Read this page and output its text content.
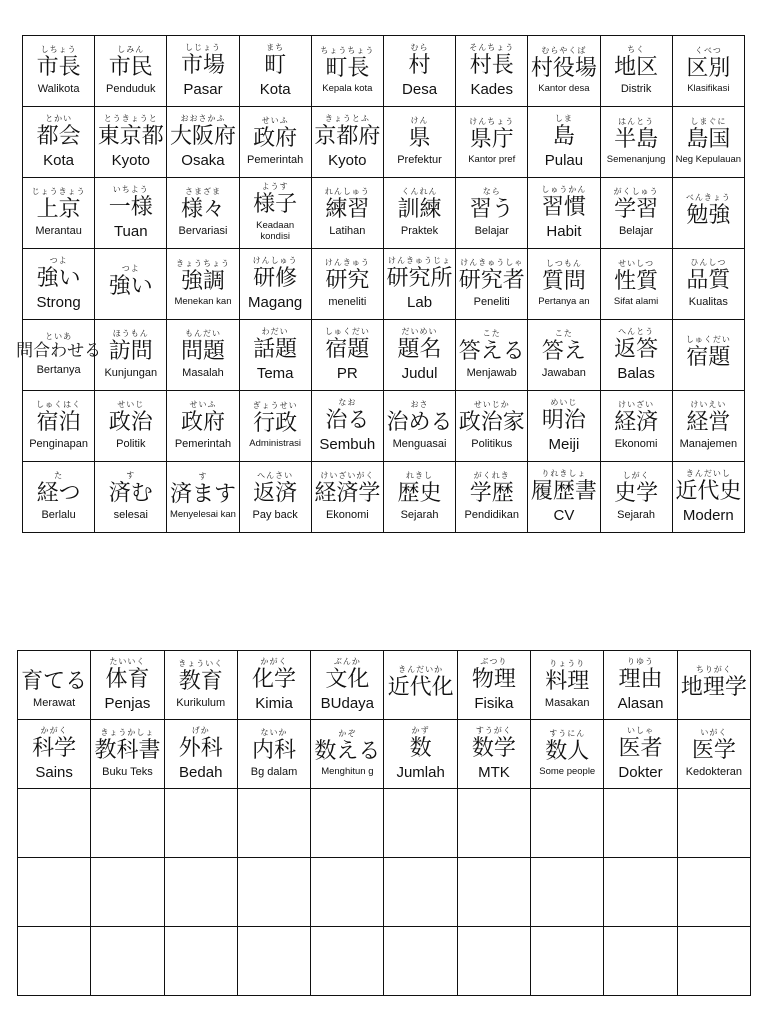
しちょう
市長
Walikota	しみん
市民
Penduduk	しじょう
市場
Pasar	まち
町
Kota	ちょうちょう
町長
Kepala kota	むら
村
Desa	そんちょう
村長
Kades	むらやくば
村役場
Kantor desa	ちく
地区
Distrik	くべつ
区別
Klasifikasi

とかい
都会
Kota	とうきょうと
東京都
Kyoto	おおさかふ
大阪府
Osaka	せいふ
政府
Pemerintah	きょうとふ
京都府
Kyoto	けん
県
Prefektur	けんちょう
県庁
Kantor pref	しま
島
Pulau	はんとう
半島
Semenanjung	しまぐに
島国
Neg Kepulauan

じょうきょう
上京
Merantau	いちよう
一様
Tuan	さまざま
様々
Bervariasi	ようす
様子
Keadaan kondisi	れんしゅう
練習
Latihan	くんれん
訓練
Praktek	なら
習う
Belajar	しゅうかん
習慣
Habit	がくしゅう
学習
Belajar	べんきょう
勉強

つよ
強い
Strong	つよ
強い	きょうちょう
強調
Menekan kan	けんしゅう
研修
Magang	けんきゅう
研究
meneliti	けんきゅうじょ
研究所
Lab	けんきゅうしゃ
研究者
Peneliti	しつもん
質問
Pertanya an	せいしつ
性質
Sifat alami	ひんしつ
品質
Kualitas

といあ
問合わせる
Bertanya	ほうもん
訪問
Kunjungan	もんだい
問題
Masalah	わだい
話題
Tema	しゅくだい
宿題
PR	だいめい
題名
Judul	こた
答える
Menjawab	こた
答え
Jawaban	へんとう
返答
Balas	しゅくだい
宿題

しゅくはく
宿泊
Penginapan	せいじ
政治
Politik	せいふ
政府
Pemerintah	ぎょうせい
行政
Administrasi	なお
治る
Sembuh	おさ
治める
Menguasai	せいじか
政治家
Politikus	めいじ
明治
Meiji	けいざい
経済
Ekonomi	けいえい
経営
Manajemen

た
経つ
Berlalu	す
済む
selesai	す
済ます
Menyelesai kan	へんさい
返済
Pay back	けいざいがく
経済学
Ekonomi	れきし
歴史
Sejarah	がくれき
学歴
Pendidikan	りれきしょ
履歴書
CV	しがく
史学
Sejarah	きんだいし
近代史
Modern
育てる
Merawat	たいいく
体育
Penjas	きょういく
教育
Kurikulum	かがく
化学
Kimia	ぶんか
文化
BUdaya	きんだいか
近代化	ぶつり
物理
Fisika	りょうり
料理
Masakan	りゆう
理由
Alasan	ちりがく
地理学

かがく
科学
Sains	きょうかしょ
教科書
Buku Teks	げか
外科
Bedah	ないか
内科
Bg dalam	かぞ
数える
Menghitun g	かず
数
Jumlah	すうがく
数学
MTK	すうにん
数人
Some people	いしゃ
医者
Dokter	いがく
医学
Kedokteran
